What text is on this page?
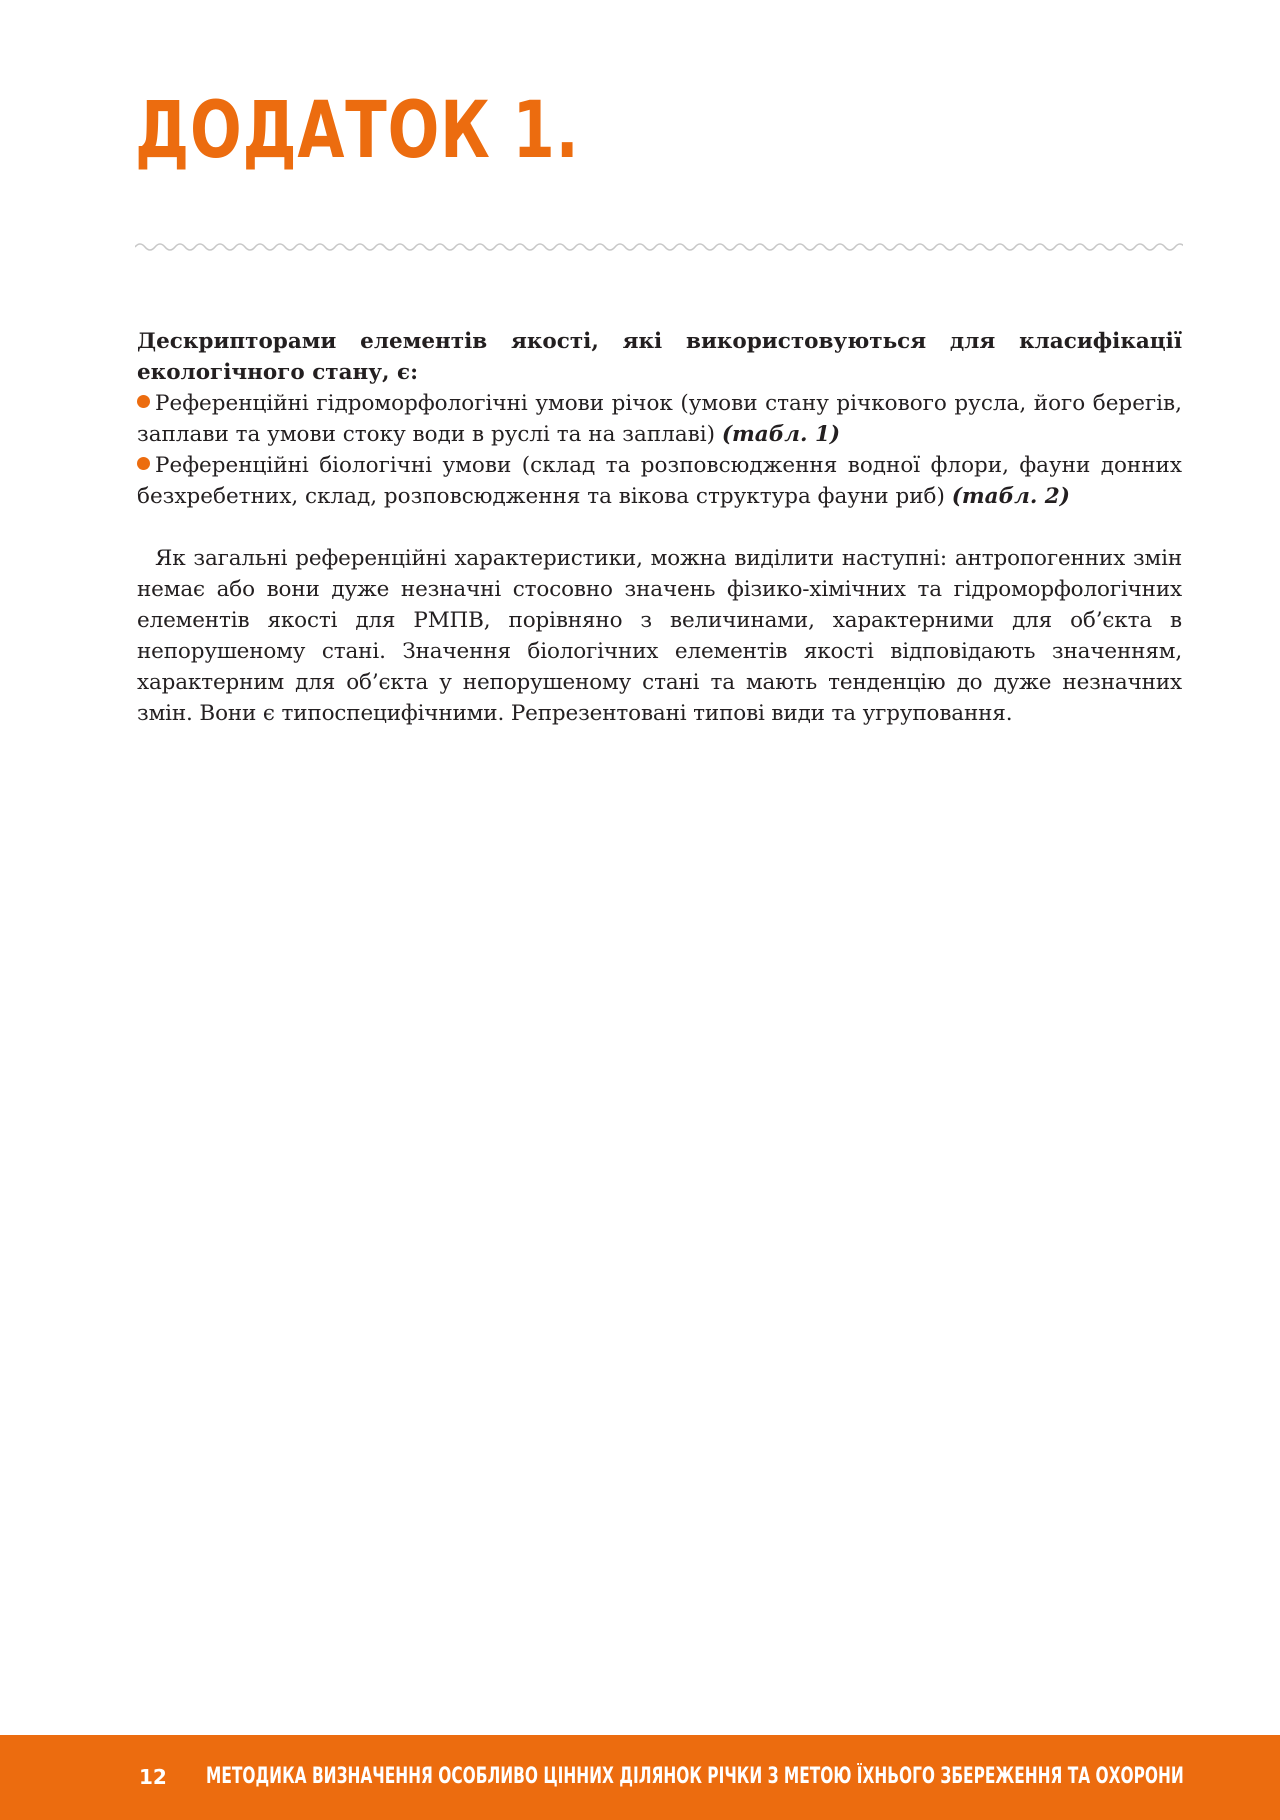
ДОДАТОК 1.

Дескрипторами елементів якості, які використовуються для класифікації екологічного стану, є:

Референційні гідроморфологічні умови річок (умови стану річкового русла, його берегів, заплави та умови стоку води в руслі та на заплаві) (табл. 1)
Референційні біологічні умови (склад та розповсюдження водної флори, фауни донних безхребетних, склад, розповсюдження та вікова структура фауни риб) (табл. 2)

Як загальні референційні характеристики, можна виділити наступні: антропогенних змін немає або вони дуже незначні стосовно значень фізико-хімічних та гідроморфологічних елементів якості для РМПВ, порівняно з величинами, характерними для об’єкта в непорушеному стані. Значення біологічних елементів якості відповідають значенням, характерним для об’єкта у непорушеному стані та мають тенденцію до дуже незначних змін. Вони є типоспецифічними. Репрезентовані типові види та угруповання.

12 МЕТОДИКА ВИЗНАЧЕННЯ ОСОБЛИВО ЦІННИХ ДІЛЯНОК РІЧКИ З МЕТОЮ ЇХНЬОГО ЗБЕРЕЖЕННЯ ТА ОХОРОНИ
